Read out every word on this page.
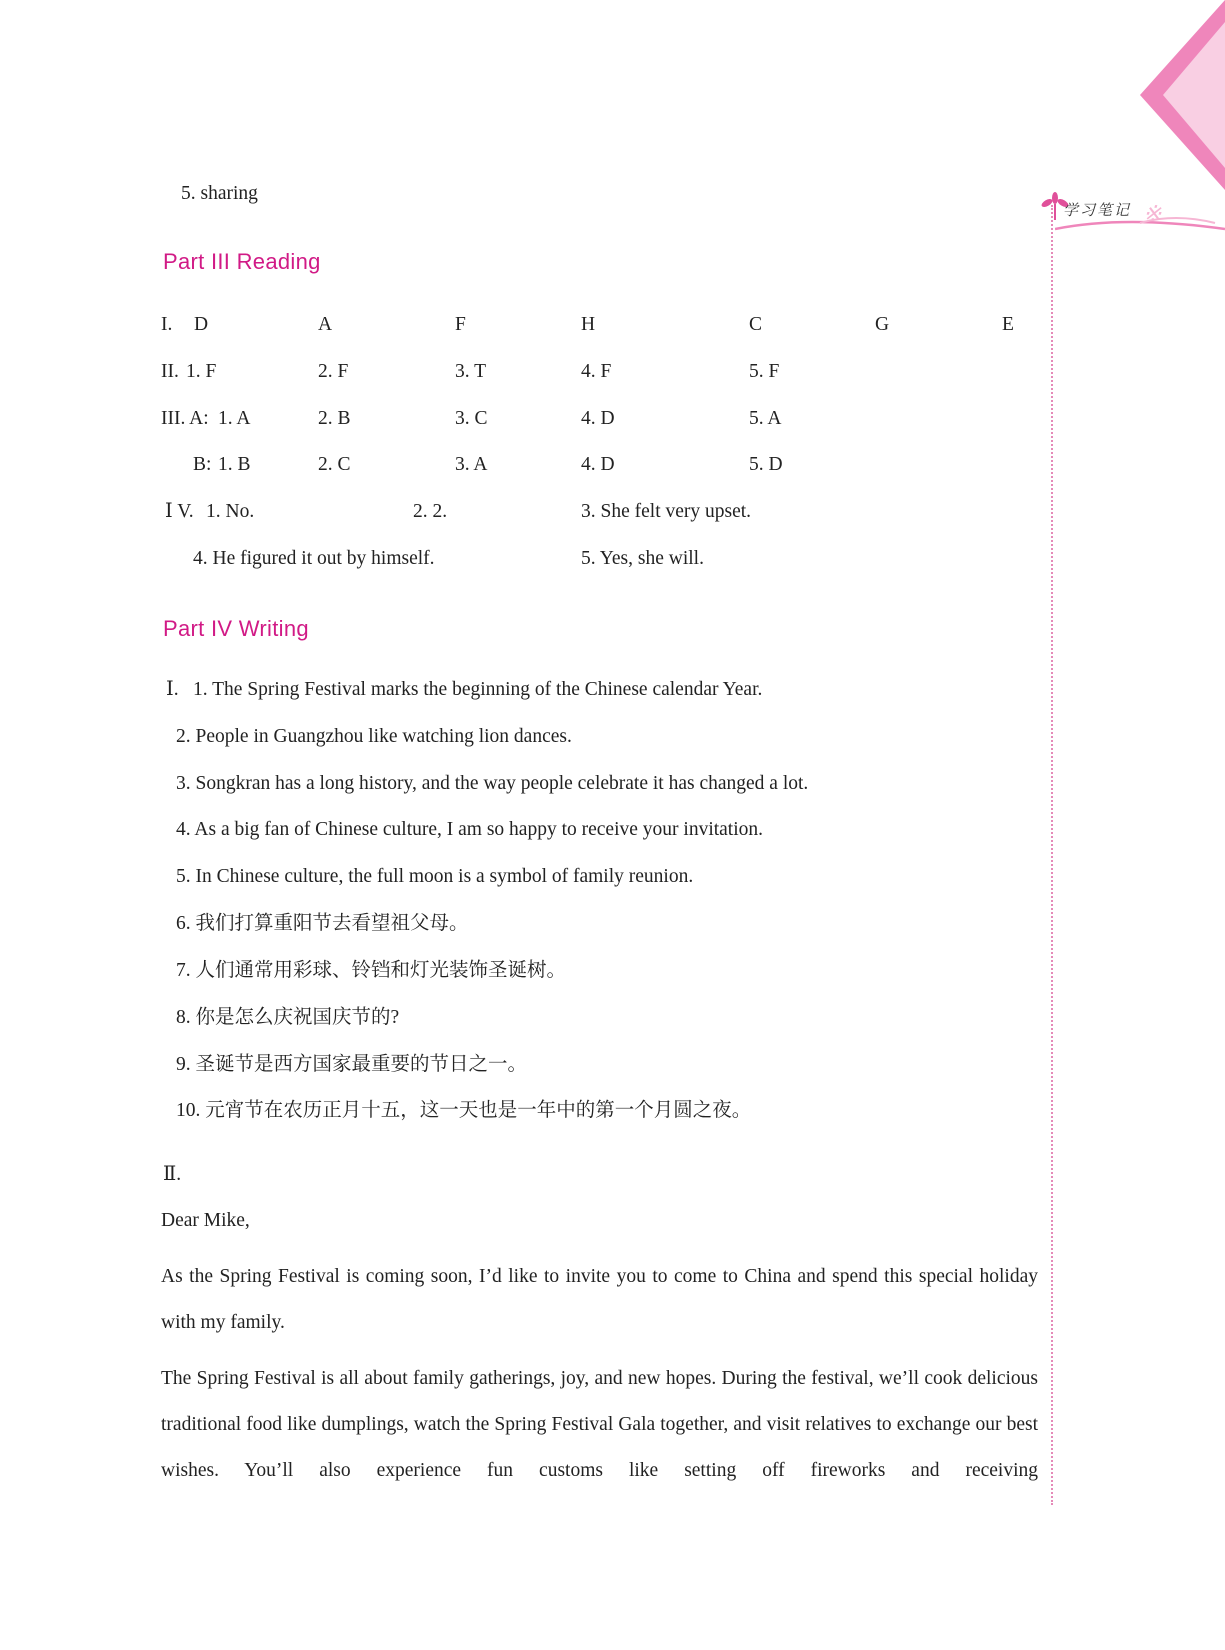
学习笔记 ※
5. sharing
Part III Reading
I. D	A	F	H	C	G	E
II. 1. F	2. F	3. T	4. F	5. F
III. A: 1. A	2. B	3. C	4. D	5. A
B: 1. B	2. C	3. A	4. D	5. D
Ⅰ V. 1. No.	2. 2.	3. She felt very upset.
4. He figured it out by himself.	5. Yes, she will.
Part IV Writing
Ⅰ. 1. The Spring Festival marks the beginning of the Chinese calendar Year.
2. People in Guangzhou like watching lion dances.
3. Songkran has a long history, and the way people celebrate it has changed a lot.
4. As a big fan of Chinese culture, I am so happy to receive your invitation.
5. In Chinese culture, the full moon is a symbol of family reunion.
6. 我们打算重阳节去看望祖父母。
7. 人们通常用彩球、铃铛和灯光装饰圣诞树。
8. 你是怎么庆祝国庆节的?
9. 圣诞节是西方国家最重要的节日之一。
10. 元宵节在农历正月十五，这一天也是一年中的第一个月圆之夜。
Ⅱ.
Dear Mike,
As the Spring Festival is coming soon, I’d like to invite you to come to China and spend this special holiday with my family.
The Spring Festival is all about family gatherings, joy, and new hopes. During the festival, we’ll cook delicious traditional food like dumplings, watch the Spring Festival Gala together, and visit relatives to exchange our best wishes. You’ll also experience fun customs like setting off fireworks and receiving
